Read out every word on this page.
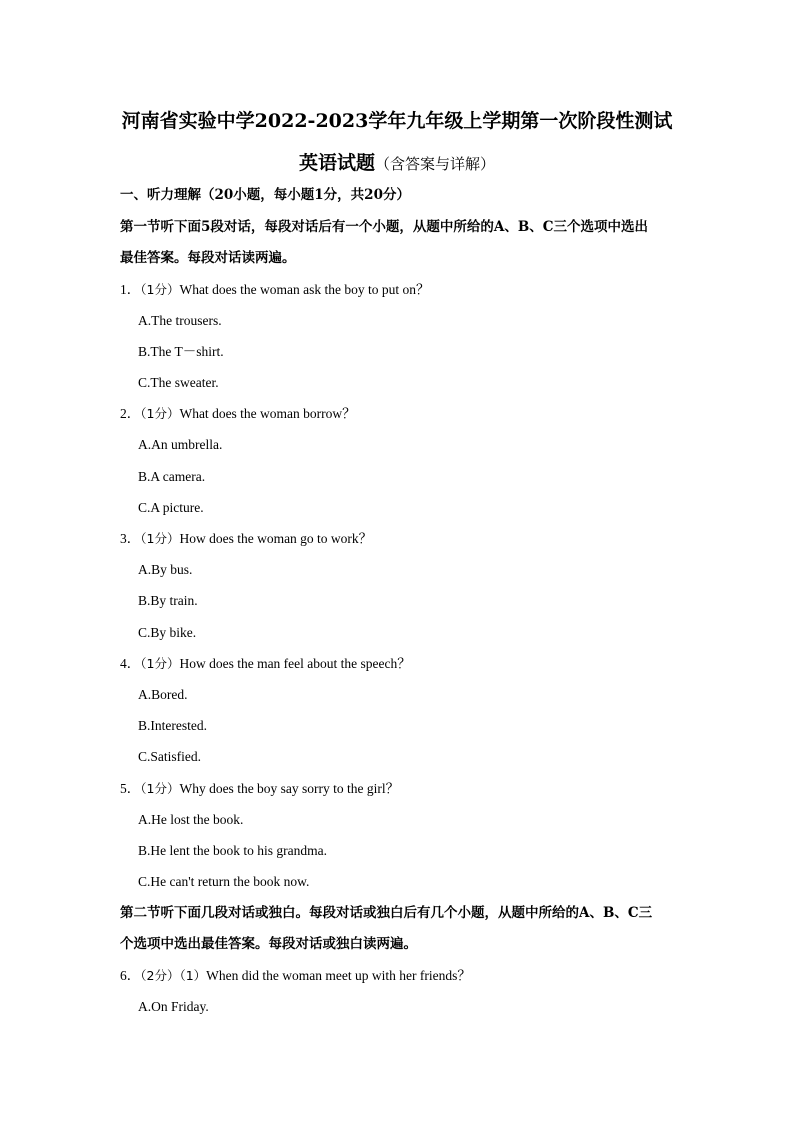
河南省实验中学2022-2023学年九年级上学期第一次阶段性测试
英语试题（含答案与详解）
一、听力理解（20小题，每小题1分，共20分）
第一节听下面5段对话，每段对话后有一个小题，从题中所给的A、B、C三个选项中选出
最佳答案。每段对话读两遍。
1．（1分）What does the woman ask the boy to put on？
A.The trousers.
B.The T－shirt.
C.The sweater.
2．（1分）What does the woman borrow？
A.An umbrella.
B.A camera.
C.A picture.
3．（1分）How does the woman go to work？
A.By bus.
B.By train.
C.By bike.
4．（1分）How does the man feel about the speech？
A.Bored.
B.Interested.
C.Satisfied.
5．（1分）Why does the boy say sorry to the girl？
A.He lost the book.
B.He lent the book to his grandma.
C.He can't return the book now.
第二节听下面几段对话或独白。每段对话或独白后有几个小题，从题中所给的A、B、C三
个选项中选出最佳答案。每段对话或独白读两遍。
6．（2分）（1）When did the woman meet up with her friends？
A.On Friday.
